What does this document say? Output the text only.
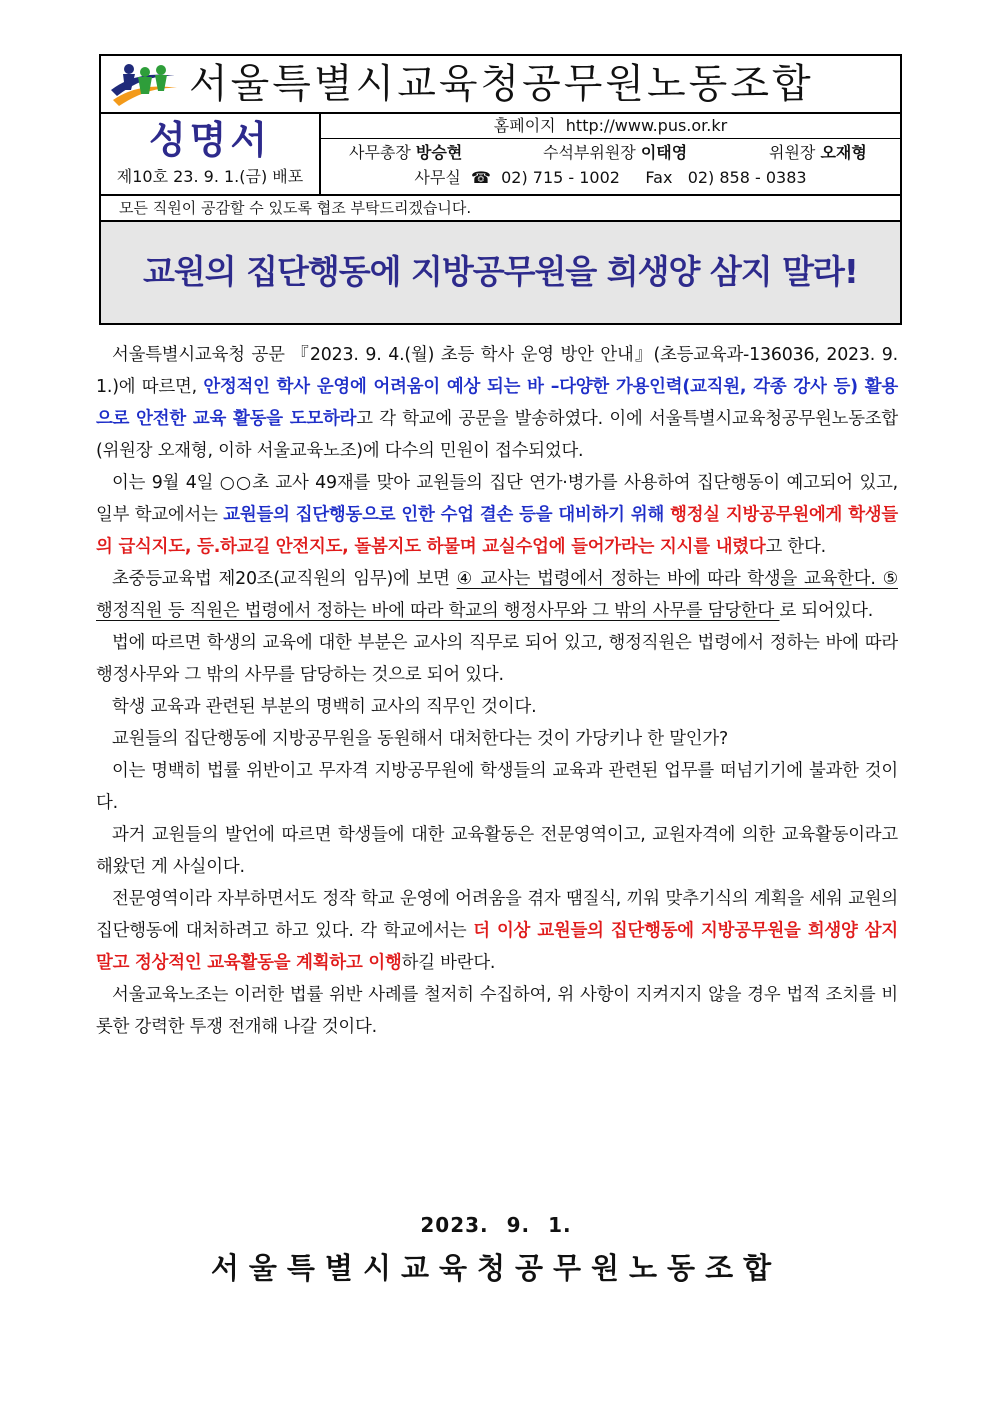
서울특별시교육청공무원노동조합
성명서
제10호 23. 9. 1.(금) 배포
홈페이지 http://www.pus.or.kr
사무총장 방승현	수석부위원장 이태영	위원장 오재형
사무실 ☎ 02) 715 - 1002 Fax 02) 858 - 0383
모든 직원이 공감할 수 있도록 협조 부탁드리겠습니다.
교원의 집단행동에 지방공무원을 희생양 삼지 말라!

서울특별시교육청 공문 『2023. 9. 4.(월) 초등 학사 운영 방안 안내』(초등교육과-136036, 2023. 9. 1.)에 따르면, 안정적인 학사 운영에 어려움이 예상 되는 바 –다양한 가용인력(교직원, 각종 강사 등) 활용으로 안전한 교육 활동을 도모하라고 각 학교에 공문을 발송하였다. 이에 서울특별시교육청공무원노동조합(위원장 오재형, 이하 서울교육노조)에 다수의 민원이 접수되었다.

이는 9월 4일 ○○초 교사 49재를 맞아 교원들의 집단 연가·병가를 사용하여 집단행동이 예고되어 있고, 일부 학교에서는 교원들의 집단행동으로 인한 수업 결손 등을 대비하기 위해 행정실 지방공무원에게 학생들의 급식지도, 등.하교길 안전지도, 돌봄지도 하물며 교실수업에 들어가라는 지시를 내렸다고 한다.

초중등교육법 제20조(교직원의 임무)에 보면 ④ 교사는 법령에서 정하는 바에 따라 학생을 교육한다. ⑤ 행정직원 등 직원은 법령에서 정하는 바에 따라 학교의 행정사무와 그 밖의 사무를 담당한다 로 되어있다.

법에 따르면 학생의 교육에 대한 부분은 교사의 직무로 되어 있고, 행정직원은 법령에서 정하는 바에 따라 행정사무와 그 밖의 사무를 담당하는 것으로 되어 있다.

학생 교육과 관련된 부분의 명백히 교사의 직무인 것이다.

교원들의 집단행동에 지방공무원을 동원해서 대처한다는 것이 가당키나 한 말인가?

이는 명백히 법률 위반이고 무자격 지방공무원에 학생들의 교육과 관련된 업무를 떠넘기기에 불과한 것이다.

과거 교원들의 발언에 따르면 학생들에 대한 교육활동은 전문영역이고, 교원자격에 의한 교육활동이라고 해왔던 게 사실이다.

전문영역이라 자부하면서도 정작 학교 운영에 어려움을 겪자 땜질식, 끼워 맞추기식의 계획을 세워 교원의 집단행동에 대처하려고 하고 있다. 각 학교에서는 더 이상 교원들의 집단행동에 지방공무원을 희생양 삼지 말고 정상적인 교육활동을 계획하고 이행하길 바란다.

서울교육노조는 이러한 법률 위반 사례를 철저히 수집하여, 위 사항이 지켜지지 않을 경우 법적 조치를 비롯한 강력한 투쟁 전개해 나갈 것이다.

2023. 9. 1.
서울특별시교육청공무원노동조합
